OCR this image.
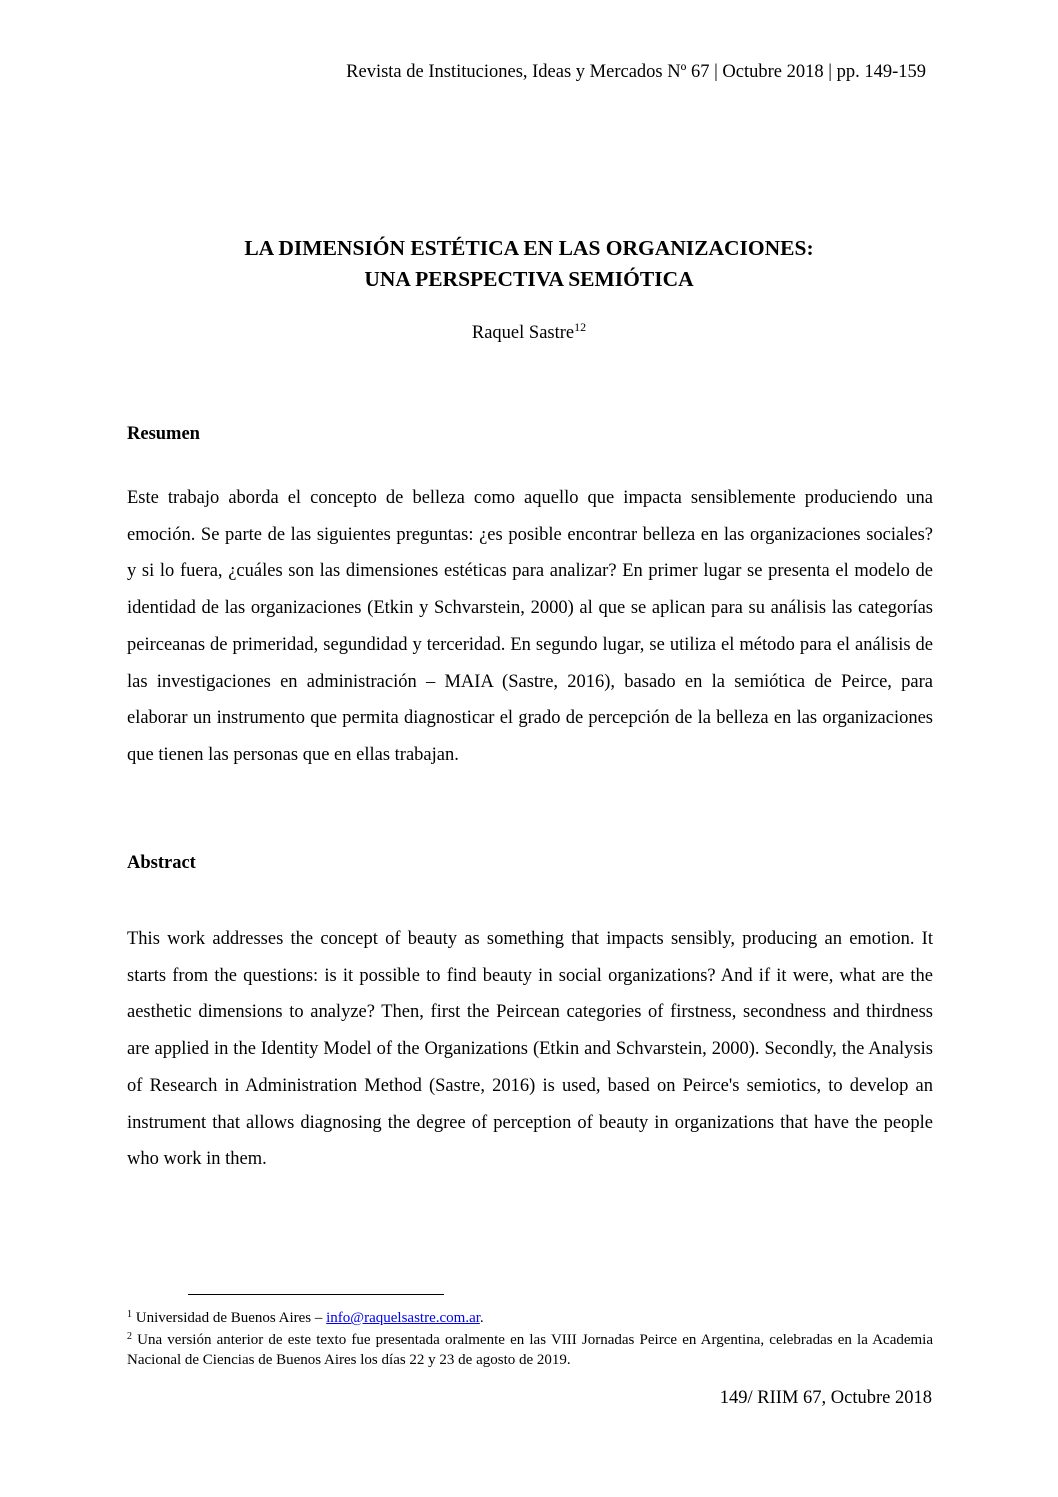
Revista de Instituciones, Ideas y Mercados Nº 67 | Octubre 2018 | pp. 149-159
LA DIMENSIÓN ESTÉTICA EN LAS ORGANIZACIONES:
UNA PERSPECTIVA SEMIÓTICA
Raquel Sastre$^{12}$
Resumen
Este trabajo aborda el concepto de belleza como aquello que impacta sensiblemente produciendo una emoción. Se parte de las siguientes preguntas: ¿es posible encontrar belleza en las organizaciones sociales? y si lo fuera, ¿cuáles son las dimensiones estéticas para analizar? En primer lugar se presenta el modelo de identidad de las organizaciones (Etkin y Schvarstein, 2000) al que se aplican para su análisis las categorías peirceanas de primeridad, segundidad y terceridad. En segundo lugar, se utiliza el método para el análisis de las investigaciones en administración – MAIA (Sastre, 2016), basado en la semiótica de Peirce, para elaborar un instrumento que permita diagnosticar el grado de percepción de la belleza en las organizaciones que tienen las personas que en ellas trabajan.
Abstract
This work addresses the concept of beauty as something that impacts sensibly, producing an emotion. It starts from the questions: is it possible to find beauty in social organizations? And if it were, what are the aesthetic dimensions to analyze? Then, first the Peircean categories of firstness, secondness and thirdness are applied in the Identity Model of the Organizations (Etkin and Schvarstein, 2000). Secondly, the Analysis of Research in Administration Method (Sastre, 2016) is used, based on Peirce's semiotics, to develop an instrument that allows diagnosing the degree of perception of beauty in organizations that have the people who work in them.
$^1$ Universidad de Buenos Aires – info@raquelsastre.com.ar.
$^2$ Una versión anterior de este texto fue presentada oralmente en las VIII Jornadas Peirce en Argentina, celebradas en la Academia Nacional de Ciencias de Buenos Aires los días 22 y 23 de agosto de 2019.
149/ RIIM 67, Octubre 2018
